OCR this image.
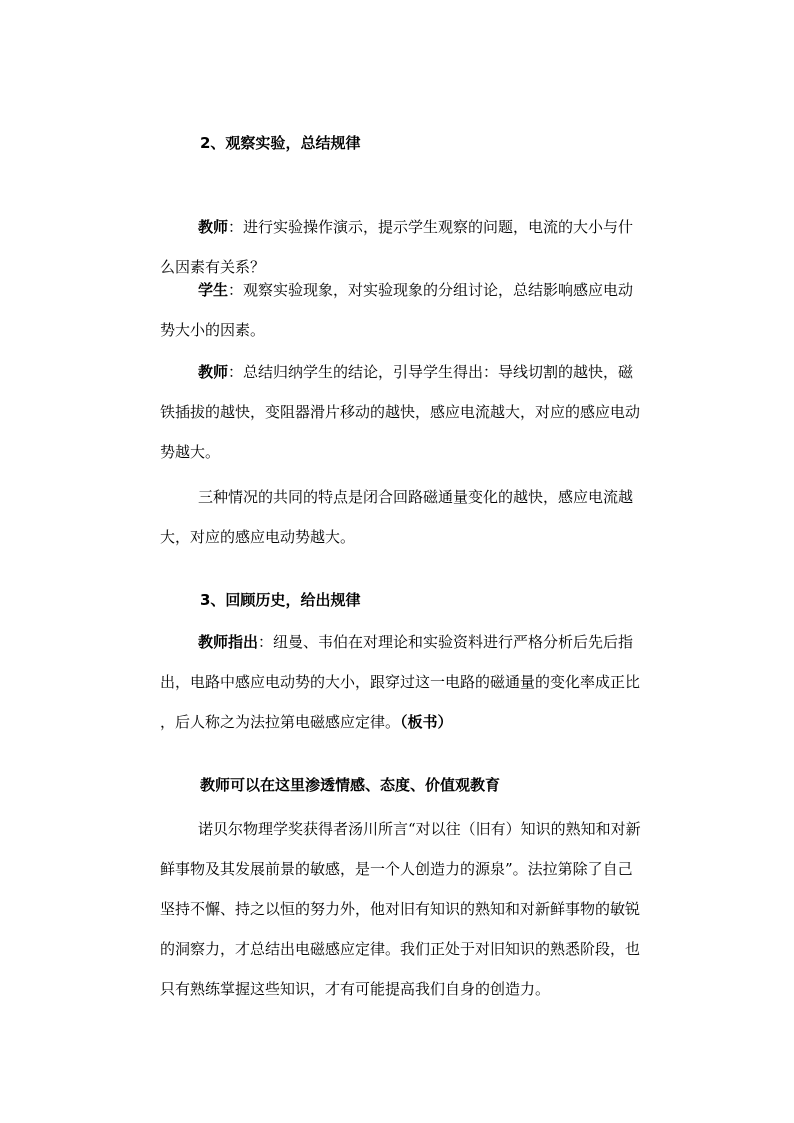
2、观察实验，总结规律
教师：进行实验操作演示，提示学生观察的问题，电流的大小与什
么因素有关系？
学生：观察实验现象，对实验现象的分组讨论，总结影响感应电动
势大小的因素。
教师：总结归纳学生的结论，引导学生得出：导线切割的越快，磁
铁插拔的越快，变阻器滑片移动的越快，感应电流越大，对应的感应电动
势越大。
三种情况的共同的特点是闭合回路磁通量变化的越快，感应电流越
大，对应的感应电动势越大。
3、回顾历史，给出规律
教师指出：纽曼、韦伯在对理论和实验资料进行严格分析后先后指
出，电路中感应电动势的大小，跟穿过这一电路的磁通量的变化率成正比
，后人称之为法拉第电磁感应定律。（板书）
教师可以在这里渗透情感、态度、价值观教育
诺贝尔物理学奖获得者汤川所言“对以往（旧有）知识的熟知和对新
鲜事物及其发展前景的敏感，是一个人创造力的源泉”。法拉第除了自己
坚持不懈、持之以恒的努力外，他对旧有知识的熟知和对新鲜事物的敏锐
的洞察力，才总结出电磁感应定律。我们正处于对旧知识的熟悉阶段，也
只有熟练掌握这些知识，才有可能提高我们自身的创造力。
